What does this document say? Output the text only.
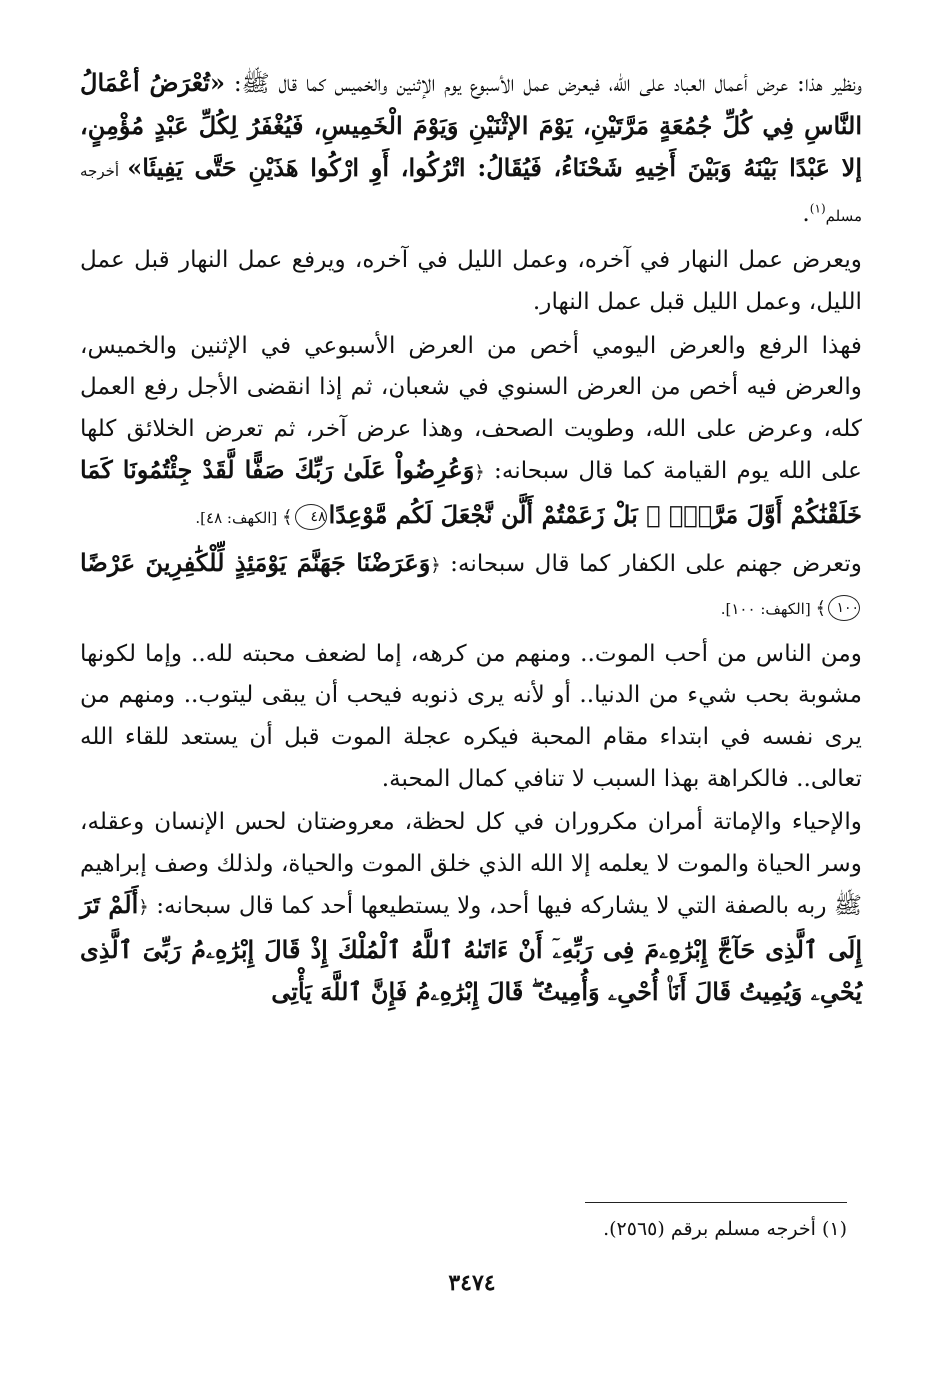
ونظير هذا: عرض أعمال العباد على الله، فيعرض عمل الأسبوع يوم الإثنين والخميس كما قال ﷺ: «تُعْرَضُ أعْمَالُ النَّاسِ فِي كُلِّ جُمُعَةٍ مَرَّتَيْنِ، يَوْمَ الإثْنَيْنِ وَيَوْمَ الْخَمِيسِ، فَيُغْفَرُ لِكُلِّ عَبْدٍ مُؤْمِنٍ، إلا عَبْدًا بَيْنَهُ وَبَيْنَ أَخِيهِ شَحْنَاءُ، فَيُقَالُ: اتْرُكُوا، أَوِ ارْكُوا هَذَيْنِ حَتَّى يَفِيئَا» أخرجه مسلم$^{(١)}$.

ويعرض عمل النهار في آخره، وعمل الليل في آخره، ويرفع عمل النهار قبل عمل الليل، وعمل الليل قبل عمل النهار.

فهذا الرفع والعرض اليومي أخص من العرض الأسبوعي في الإثنين والخميس، والعرض فيه أخص من العرض السنوي في شعبان، ثم إذا انقضى الأجل رفع العمل كله، وعرض على الله، وطويت الصحف، وهذا عرض آخر، ثم تعرض الخلائق كلها على الله يوم القيامة كما قال سبحانه: ﴿وَعُرِضُواْ عَلَىٰ رَبِّكَ صَفًّا لَّقَدْ جِئْتُمُونَا كَمَا خَلَقْنَٰكُمْ أَوَّلَ مَرَّةٍۭ ۚ بَلْ زَعَمْتُمْ أَلَّن نَّجْعَلَ لَكُم مَّوْعِدًا٤٨﴾ [الكهف: ٤٨].

وتعرض جهنم على الكفار كما قال سبحانه: ﴿وَعَرَضْنَا جَهَنَّمَ يَوْمَئِذٍ لِّلْكَٰفِرِينَ عَرْضًا١٠٠﴾ [الكهف: ١٠٠].

ومن الناس من أحب الموت.. ومنهم من كرهه، إما لضعف محبته لله.. وإما لكونها مشوبة بحب شيء من الدنيا.. أو لأنه يرى ذنوبه فيحب أن يبقى ليتوب.. ومنهم من يرى نفسه في ابتداء مقام المحبة فيكره عجلة الموت قبل أن يستعد للقاء الله تعالى.. فالكراهة بهذا السبب لا تنافي كمال المحبة.

والإحياء والإماتة أمران مكروران في كل لحظة، معروضتان لحس الإنسان وعقله، وسر الحياة والموت لا يعلمه إلا الله الذي خلق الموت والحياة، ولذلك وصف إبراهيم ﷺ ربه بالصفة التي لا يشاركه فيها أحد، ولا يستطيعها أحد كما قال سبحانه: ﴿أَلَمْ تَرَ إِلَى ٱلَّذِى حَآجَّ إِبْرَٰهِۦمَ فِى رَبِّهِۦٓ أَنْ ءَاتَىٰهُ ٱللَّهُ ٱلْمُلْكَ إِذْ قَالَ إِبْرَٰهِۦمُ رَبِّىَ ٱلَّذِى يُحْىِۦ وَيُمِيتُ قَالَ أَنَا۠ أُحْىِۦ وَأُمِيتُ ۖ قَالَ إِبْرَٰهِۦمُ فَإِنَّ ٱللَّهَ يَأْتِى

(١) أخرجه مسلم برقم (٢٥٦٥).
٣٤٧٤
